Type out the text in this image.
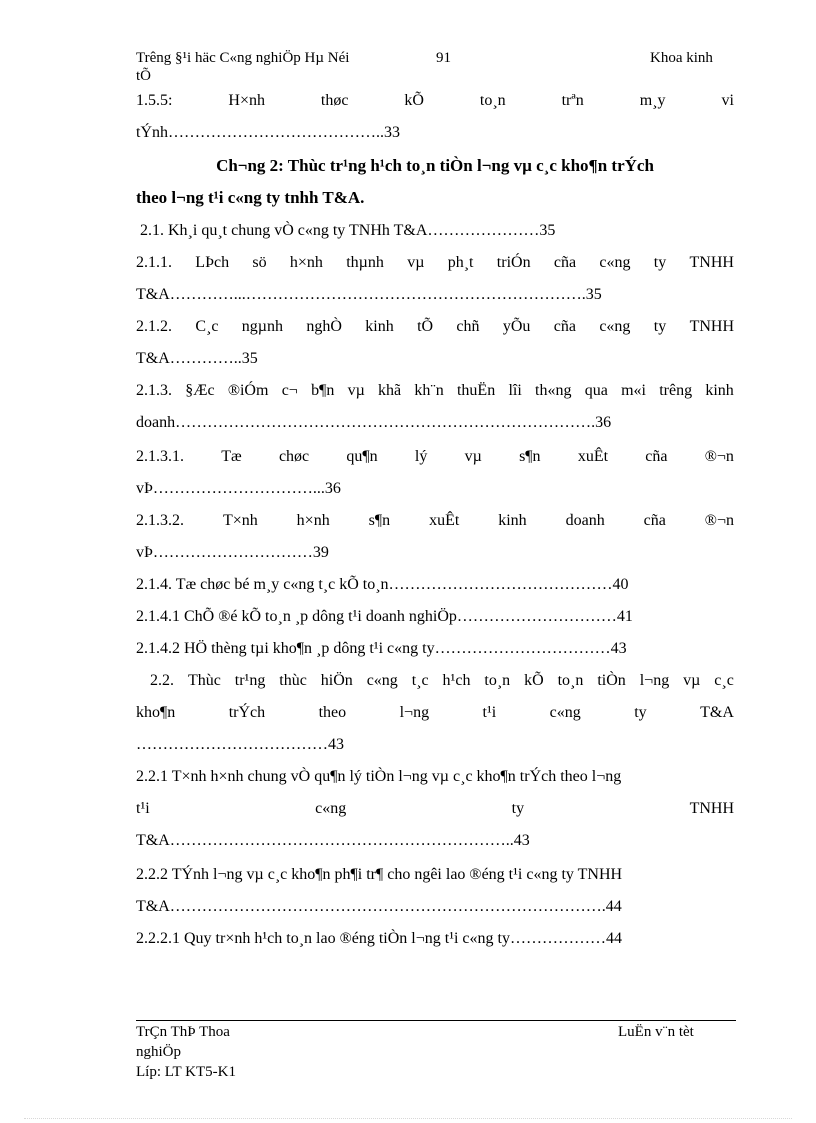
Trêng §¹i häc C«ng nghiÖp Hµ Néi	91	Khoa kinh
tÕ
1.5.5:	H×nh	thøc	kÕ	to¸n	trªn	m¸y	vi
tÝnh…………………………………..33
Ch¬ng 2: Thùc tr¹ng h¹ch to¸n tiÒn l¬ng vµ c¸c kho¶n trÝch
theo l¬ng t¹i c«ng ty tnhh T&A.
2.1. Kh¸i qu¸t chung vÒ c«ng ty TNHh T&A…………………35
2.1.1. LÞch sö h×nh thµnh vµ ph¸t triÓn cña c«ng ty TNHH
T&A…………...……………………………………………………….35
2.1.2. C¸c ngµnh nghÒ kinh tÕ chñ yÕu cña c«ng ty TNHH
T&A…………..35
2.1.3. §Æc ®iÓm c¬ b¶n vµ khã kh¨n thuËn lîi th«ng qua m«i trêng kinh
doanh…………………………………………………………………….36
2.1.3.1. Tæ chøc qu¶n lý vµ s¶n xuÊt cña ®¬n
vÞ…………………………...36
2.1.3.2. T×nh h×nh s¶n xuÊt kinh doanh cña ®¬n
vÞ…………………………39
2.1.4. Tæ chøc bé m¸y c«ng t¸c kÕ to¸n……………………………………40
2.1.4.1 ChÕ ®é kÕ to¸n ¸p dông t¹i doanh nghiÖp…………………………41
2.1.4.2 HÖ thèng tµi kho¶n ¸p dông t¹i c«ng ty……………………………43
2.2. Thùc tr¹ng thùc hiÖn c«ng t¸c h¹ch to¸n kÕ to¸n tiÒn l¬ng vµ c¸c
kho¶n	trÝch	theo	l¬ng	t¹i	c«ng	ty	T&A
………………………………43
2.2.1 T×nh h×nh chung vÒ qu¶n lý tiÒn l¬ng vµ c¸c kho¶n trÝch theo l¬ng
t¹i	c«ng	ty	TNHH
T&A………………………………………………………..43
2.2.2 TÝnh l¬ng vµ c¸c kho¶n ph¶i tr¶ cho ngêi lao ®éng t¹i c«ng ty TNHH
T&A……………………………………………………………………….44
2.2.2.1 Quy tr×nh h¹ch to¸n lao ®éng tiÒn l¬ng t¹i c«ng ty………………44
TrÇn ThÞ Thoa	LuËn v¨n tèt
nghiÖp
Líp: LT KT5-K1
